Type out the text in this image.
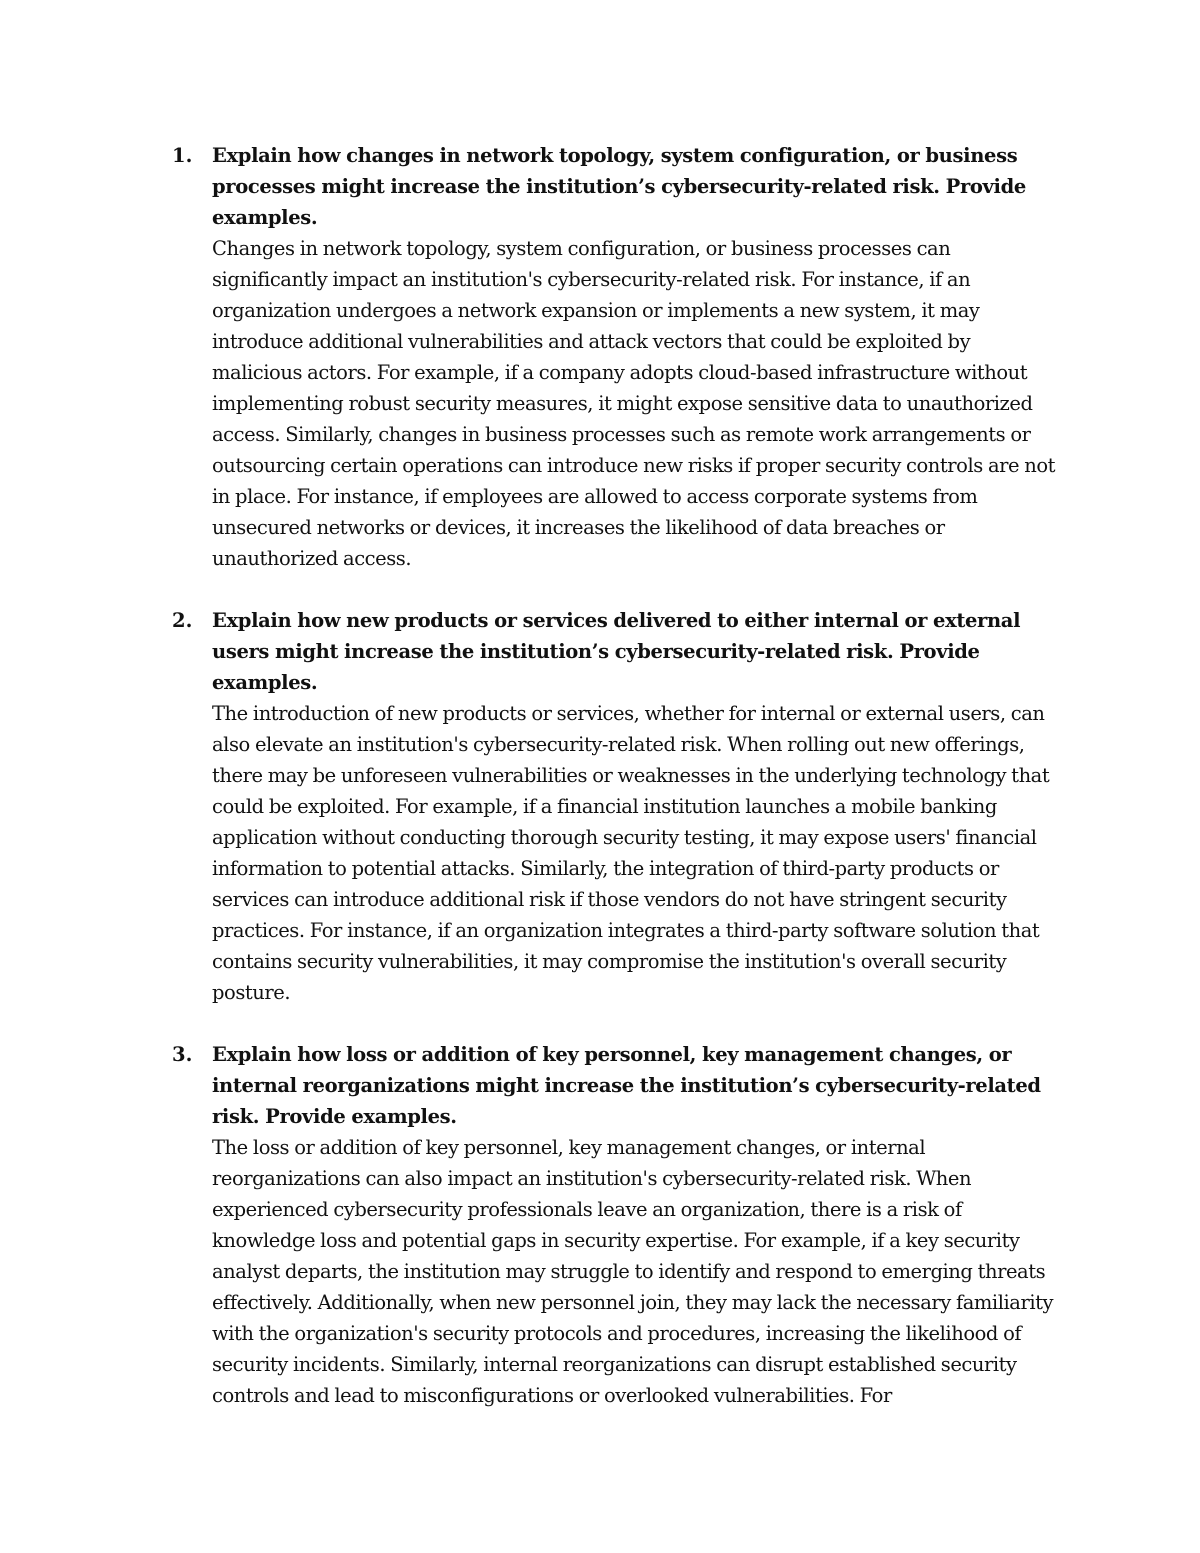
1. Explain how changes in network topology, system configuration, or business processes might increase the institution’s cybersecurity-related risk. Provide examples.

Changes in network topology, system configuration, or business processes can significantly impact an institution's cybersecurity-related risk. For instance, if an organization undergoes a network expansion or implements a new system, it may introduce additional vulnerabilities and attack vectors that could be exploited by malicious actors. For example, if a company adopts cloud-based infrastructure without implementing robust security measures, it might expose sensitive data to unauthorized access. Similarly, changes in business processes such as remote work arrangements or outsourcing certain operations can introduce new risks if proper security controls are not in place. For instance, if employees are allowed to access corporate systems from unsecured networks or devices, it increases the likelihood of data breaches or unauthorized access.

2. Explain how new products or services delivered to either internal or external users might increase the institution’s cybersecurity-related risk. Provide examples.

The introduction of new products or services, whether for internal or external users, can also elevate an institution's cybersecurity-related risk. When rolling out new offerings, there may be unforeseen vulnerabilities or weaknesses in the underlying technology that could be exploited. For example, if a financial institution launches a mobile banking application without conducting thorough security testing, it may expose users' financial information to potential attacks. Similarly, the integration of third-party products or services can introduce additional risk if those vendors do not have stringent security practices. For instance, if an organization integrates a third-party software solution that contains security vulnerabilities, it may compromise the institution's overall security posture.

3. Explain how loss or addition of key personnel, key management changes, or internal reorganizations might increase the institution’s cybersecurity-related risk. Provide examples.

The loss or addition of key personnel, key management changes, or internal reorganizations can also impact an institution's cybersecurity-related risk. When experienced cybersecurity professionals leave an organization, there is a risk of knowledge loss and potential gaps in security expertise. For example, if a key security analyst departs, the institution may struggle to identify and respond to emerging threats effectively. Additionally, when new personnel join, they may lack the necessary familiarity with the organization's security protocols and procedures, increasing the likelihood of security incidents. Similarly, internal reorganizations can disrupt established security controls and lead to misconfigurations or overlooked vulnerabilities. For
